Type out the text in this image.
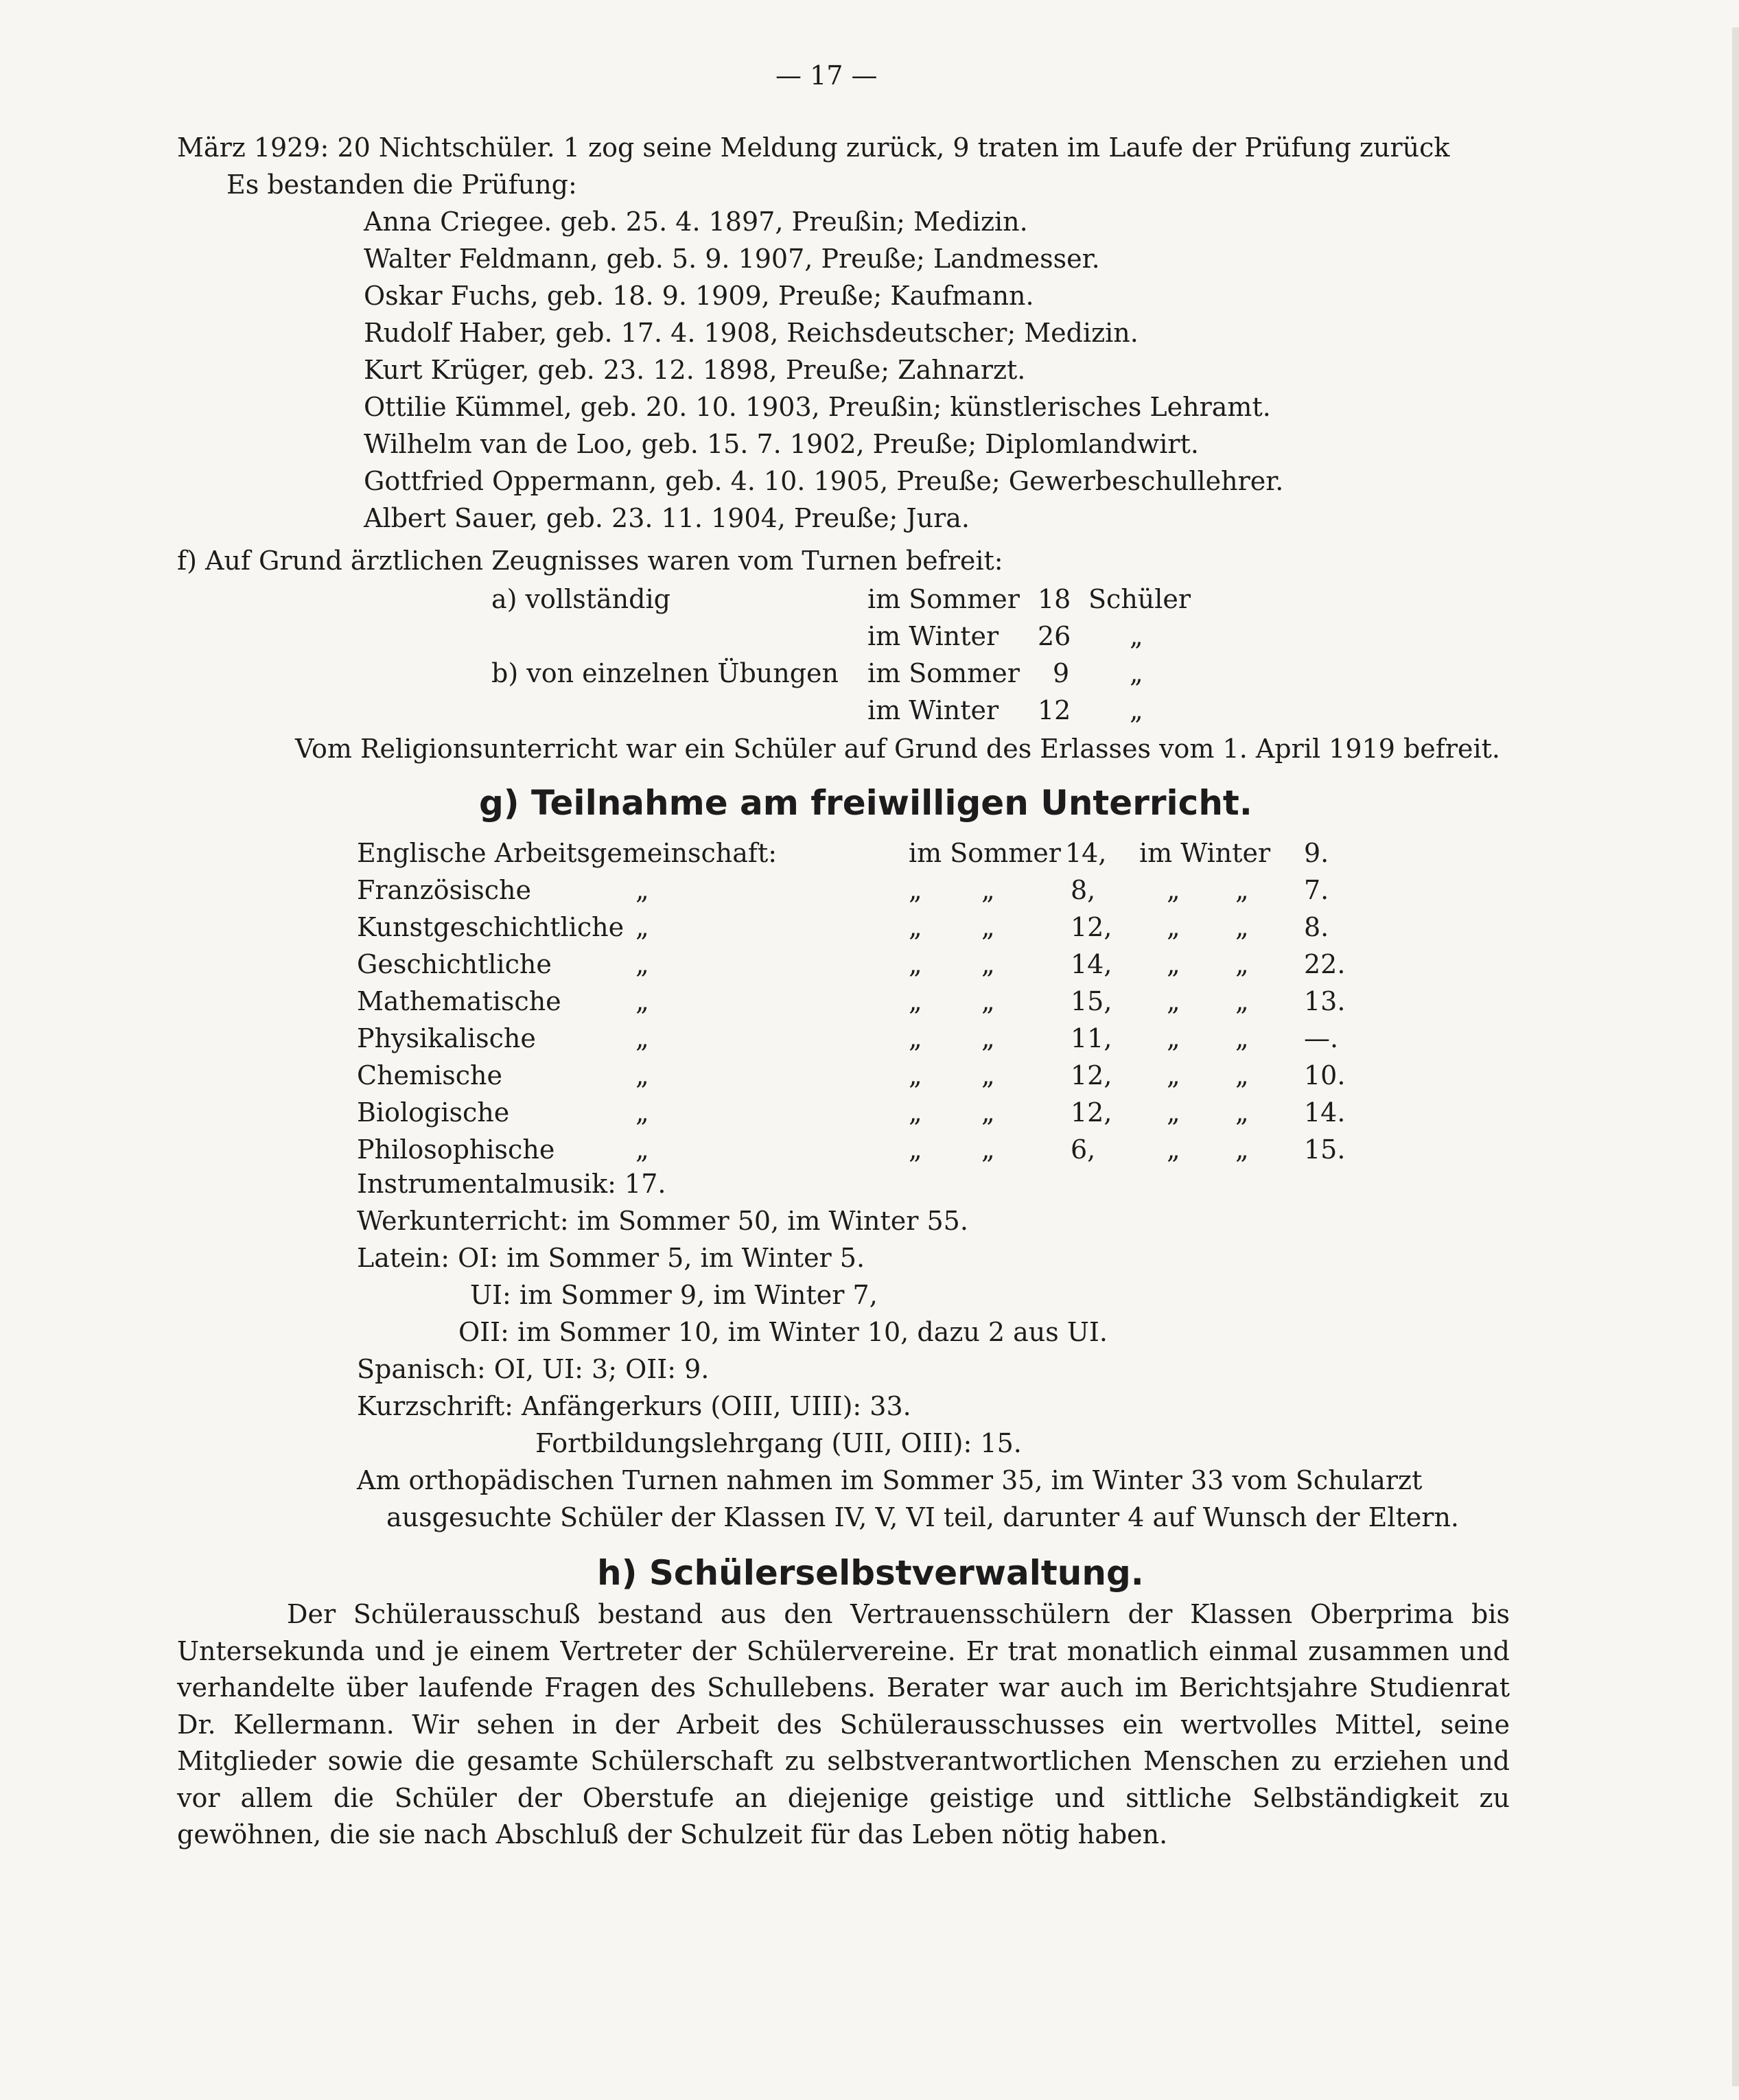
— 17 —
März 1929: 20 Nichtschüler. 1 zog seine Meldung zurück, 9 traten im Laufe der Prüfung zurück
Es bestanden die Prüfung:
Anna Criegee. geb. 25. 4. 1897, Preußin; Medizin.
Walter Feldmann, geb. 5. 9. 1907, Preuße; Landmesser.
Oskar Fuchs, geb. 18. 9. 1909, Preuße; Kaufmann.
Rudolf Haber, geb. 17. 4. 1908, Reichsdeutscher; Medizin.
Kurt Krüger, geb. 23. 12. 1898, Preuße; Zahnarzt.
Ottilie Kümmel, geb. 20. 10. 1903, Preußin; künstlerisches Lehramt.
Wilhelm van de Loo, geb. 15. 7. 1902, Preuße; Diplomlandwirt.
Gottfried Oppermann, geb. 4. 10. 1905, Preuße; Gewerbeschullehrer.
Albert Sauer, geb. 23. 11. 1904, Preuße; Jura.
f) Auf Grund ärztlichen Zeugnisses waren vom Turnen befreit:
a) vollständig	im Sommer 18 Schüler
im Winter 26 „
b) von einzelnen Übungen im Sommer 9 „
im Winter 12 „
Vom Religionsunterricht war ein Schüler auf Grund des Erlasses vom 1. April 1919 befreit.
g) Teilnahme am freiwilligen Unterricht.
Englische Arbeitsgemeinschaft:	im Sommer 14, im Winter 9.
Französische	„	„ „	8,	„ „ 7.
Kunstgeschichtliche „	„ „	12, „ „ 8.
Geschichtliche	„	„ „	14, „ „ 22.
Mathematische	„	„ „	15, „ „ 13.
Physikalische	„	„ „	11, „ „ —.
Chemische	„	„ „	12, „ „ 10.
Biologische	„	„ „	12, „ „ 14.
Philosophische	„	„ „	6,	„ „ 15.
Instrumentalmusik: 17.
Werkunterricht: im Sommer 50, im Winter 55.
Latein: OI: im Sommer 5, im Winter 5.
UI: im Sommer 9, im Winter 7,
OII: im Sommer 10, im Winter 10, dazu 2 aus UI.
Spanisch: OI, UI: 3; OII: 9.
Kurzschrift: Anfängerkurs (OIII, UIII): 33.
Fortbildungslehrgang (UII, OIII): 15.
Am orthopädischen Turnen nahmen im Sommer 35, im Winter 33 vom Schularzt
ausgesuchte Schüler der Klassen IV, V, VI teil, darunter 4 auf Wunsch der Eltern.
h) Schülerselbstverwaltung.
Der Schülerausschuß bestand aus den Vertrauensschülern der Klassen Oberprima bis Untersekunda und je einem Vertreter der Schülervereine. Er trat monatlich einmal zusammen und verhandelte über laufende Fragen des Schullebens. Berater war auch im Berichtsjahre Studienrat Dr. Kellermann. Wir sehen in der Arbeit des Schülerausschusses ein wertvolles Mittel, seine Mitglieder sowie die gesamte Schülerschaft zu selbstverantwortlichen Menschen zu erziehen und vor allem die Schüler der Oberstufe an diejenige geistige und sittliche Selbständigkeit zu gewöhnen, die sie nach Abschluß der Schulzeit für das Leben nötig haben.
